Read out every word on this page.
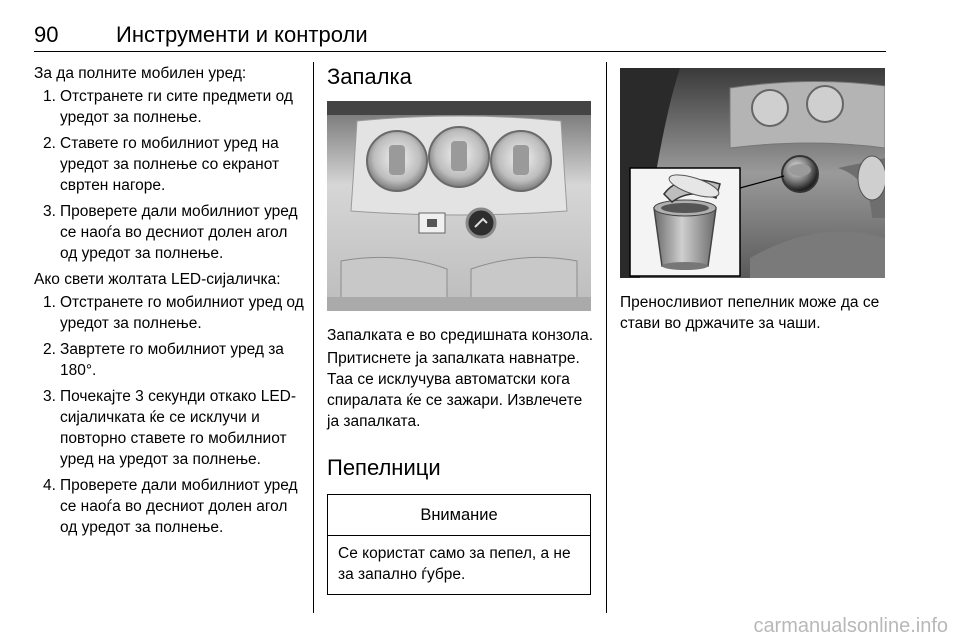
90	Инструменти и контроли

За да полните мобилен уред:

1. Отстранете ги сите предмети од уредот за полнење.
2. Ставете го мобилниот уред на уредот за полнење со екранот свртен нагоре.
3. Проверете дали мобилниот уред се наоѓа во десниот долен агол од уредот за полнење.

Ако свети жолтата LED-сијаличка:

1. Отстранете го мобилниот уред од уредот за полнење.
2. Завртете го мобилниот уред за 180°.
3. Почекајте 3 секунди откако LED-сијаличката ќе се исклучи и повторно ставете го мобилниот уред на уредот за полнење.
4. Проверете дали мобилниот уред се наоѓа во десниот долен агол од уредот за полнење.
Запалка

Запалката е во средишната конзола.

Притиснете ја запалката навнатре. Таа се исклучува автоматски кога спиралата ќе се зажари. Извлечете ја запалката.

Пепелници
Внимание
Се користат само за пепел, а не за запално ѓубре.

Преносливиот пепелник може да се стави во држачите за чаши.

carmanualsonline.info
